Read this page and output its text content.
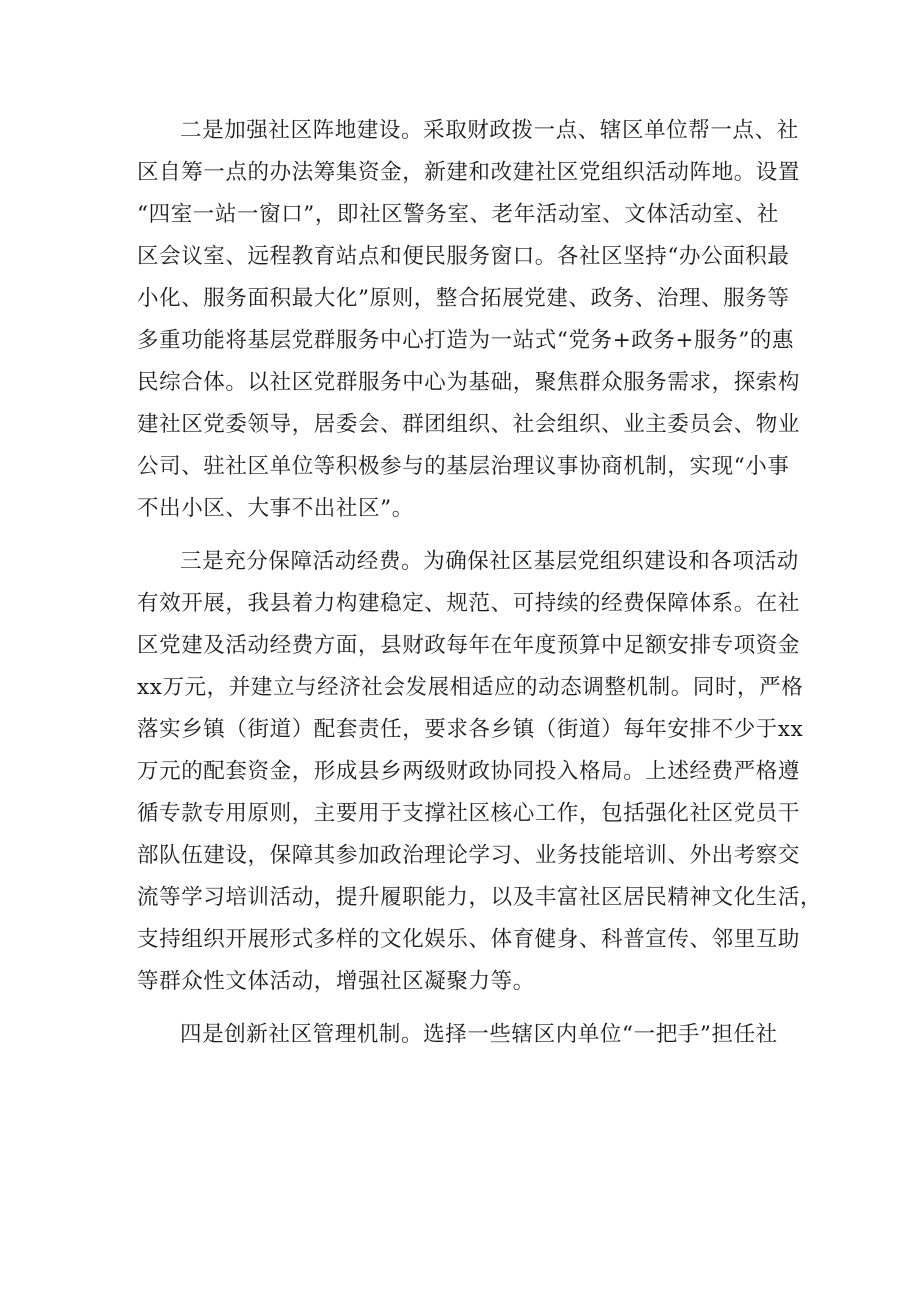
二是加强社区阵地建设。采取财政拨一点、辖区单位帮一点、社
区自筹一点的办法筹集资金，新建和改建社区党组织活动阵地。设置
“四室一站一窗口”，即社区警务室、老年活动室、文体活动室、社
区会议室、远程教育站点和便民服务窗口。各社区坚持“办公面积最
小化、服务面积最大化”原则，整合拓展党建、政务、治理、服务等
多重功能将基层党群服务中心打造为一站式“党务+政务+服务”的惠
民综合体。以社区党群服务中心为基础，聚焦群众服务需求，探索构
建社区党委领导，居委会、群团组织、社会组织、业主委员会、物业
公司、驻社区单位等积极参与的基层治理议事协商机制，实现“小事
不出小区、大事不出社区”。
三是充分保障活动经费。为确保社区基层党组织建设和各项活动
有效开展，我县着力构建稳定、规范、可持续的经费保障体系。在社
区党建及活动经费方面，县财政每年在年度预算中足额安排专项资金
xx万元，并建立与经济社会发展相适应的动态调整机制。同时，严格
落实乡镇（街道）配套责任，要求各乡镇（街道）每年安排不少于xx
万元的配套资金，形成县乡两级财政协同投入格局。上述经费严格遵
循专款专用原则，主要用于支撑社区核心工作，包括强化社区党员干
部队伍建设，保障其参加政治理论学习、业务技能培训、外出考察交
流等学习培训活动，提升履职能力，以及丰富社区居民精神文化生活，
支持组织开展形式多样的文化娱乐、体育健身、科普宣传、邻里互助
等群众性文体活动，增强社区凝聚力等。
四是创新社区管理机制。选择一些辖区内单位“一把手”担任社
